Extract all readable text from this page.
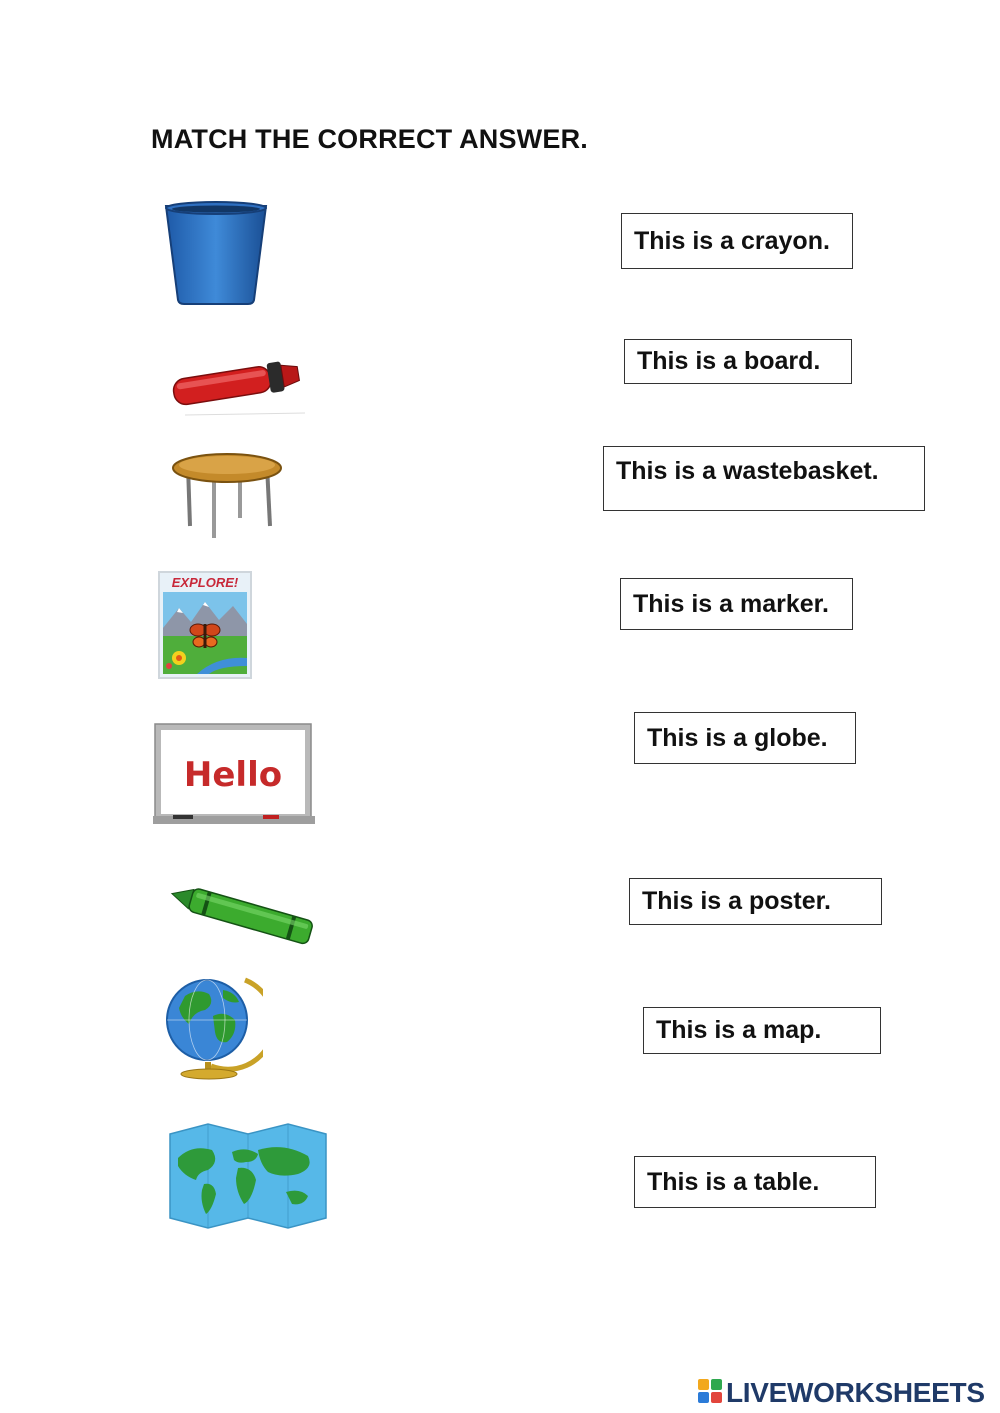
MATCH THE CORRECT ANSWER.
EXPLORE!
Hello
This is a crayon.
This is a board.
This is a wastebasket.
This is a marker.
This is a globe.
This is a poster.
This is a map.
This is a table.
LIVEWORKSHEETS
